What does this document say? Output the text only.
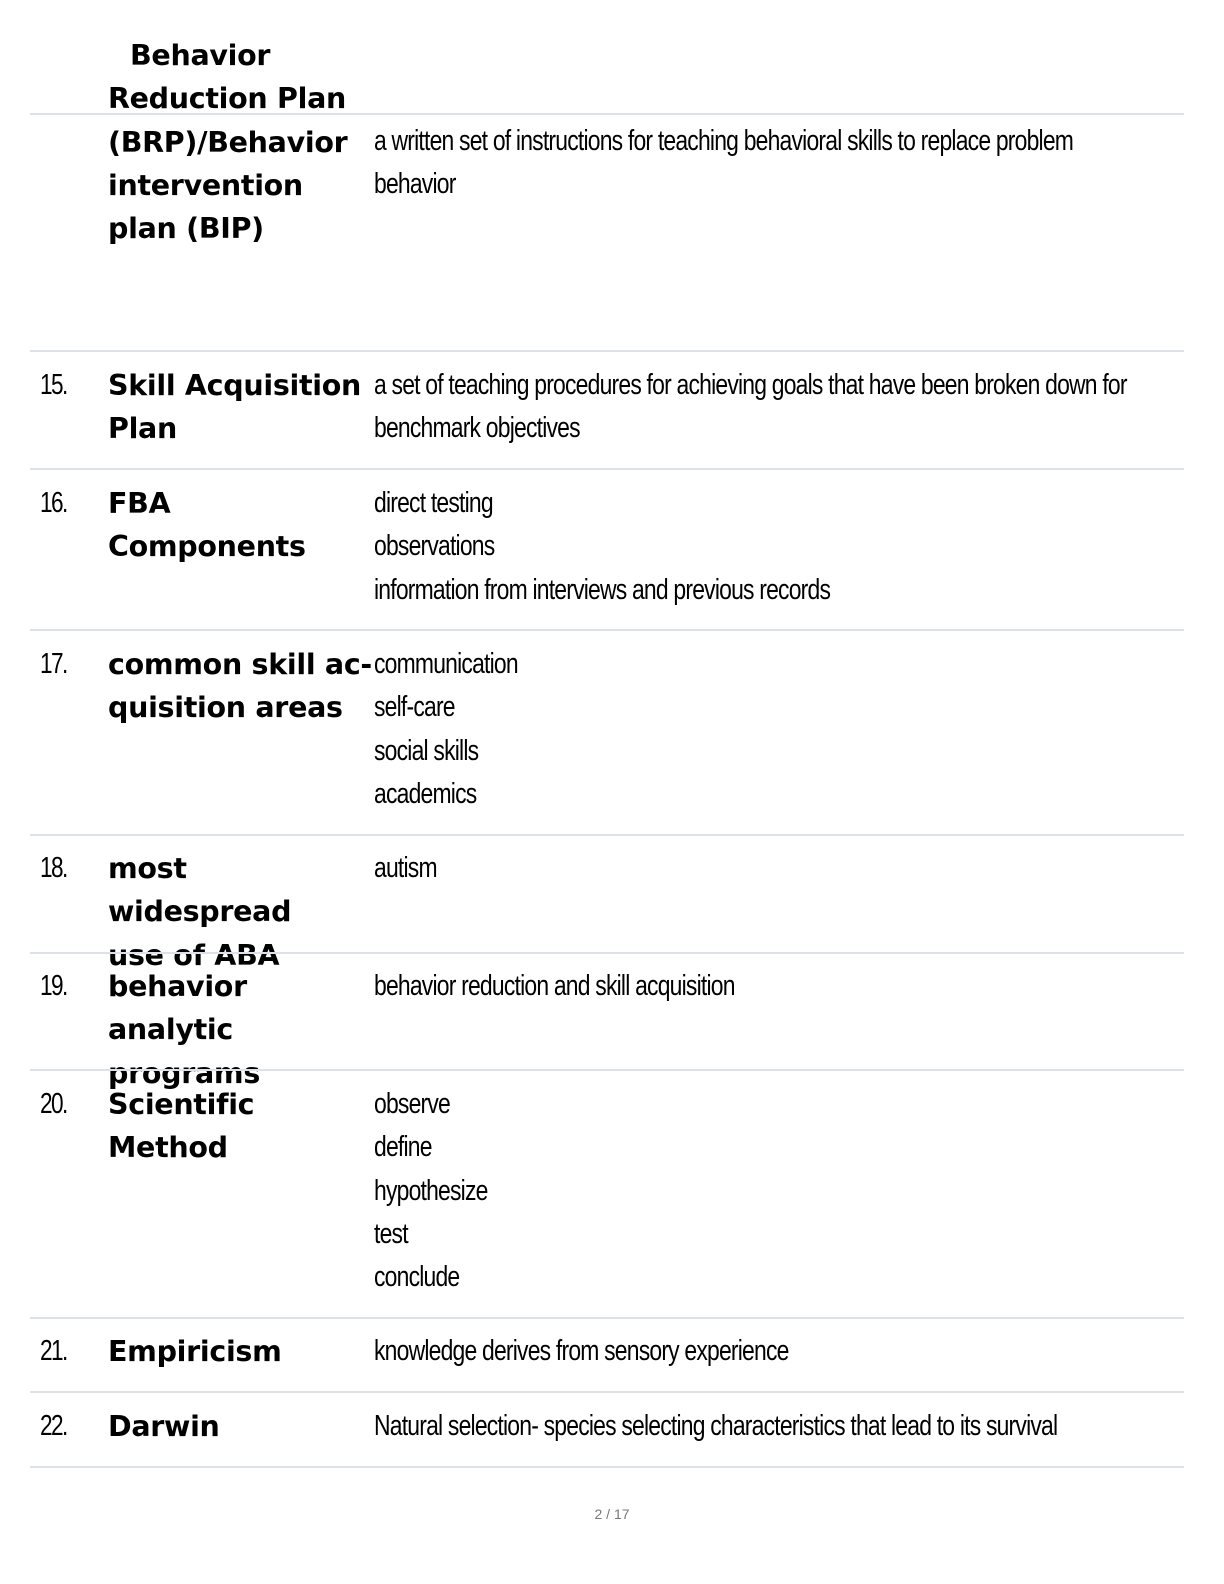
Behavior
Reduction Plan
(BRP)/Behavior
intervention
plan (BIP)
a written set of instructions for teaching behavioral skills to replace problem
behavior
15. Skill Acquisition
Plan
a set of teaching procedures for achieving goals that have been broken down for
benchmark objectives
16. FBA Components
direct testing
observations
information from interviews and previous records
17. common skill ac-
quisition areas
communication
self-care
social skills
academics
18. most widespread
use of ABA
autism
19. behavior analytic
programs
behavior reduction and skill acquisition
20. Scientific Method
observe
define
hypothesize
test
conclude
21. Empiricism	knowledge derives from sensory experience
22. Darwin	Natural selection- species selecting characteristics that lead to its survival
2 / 17
